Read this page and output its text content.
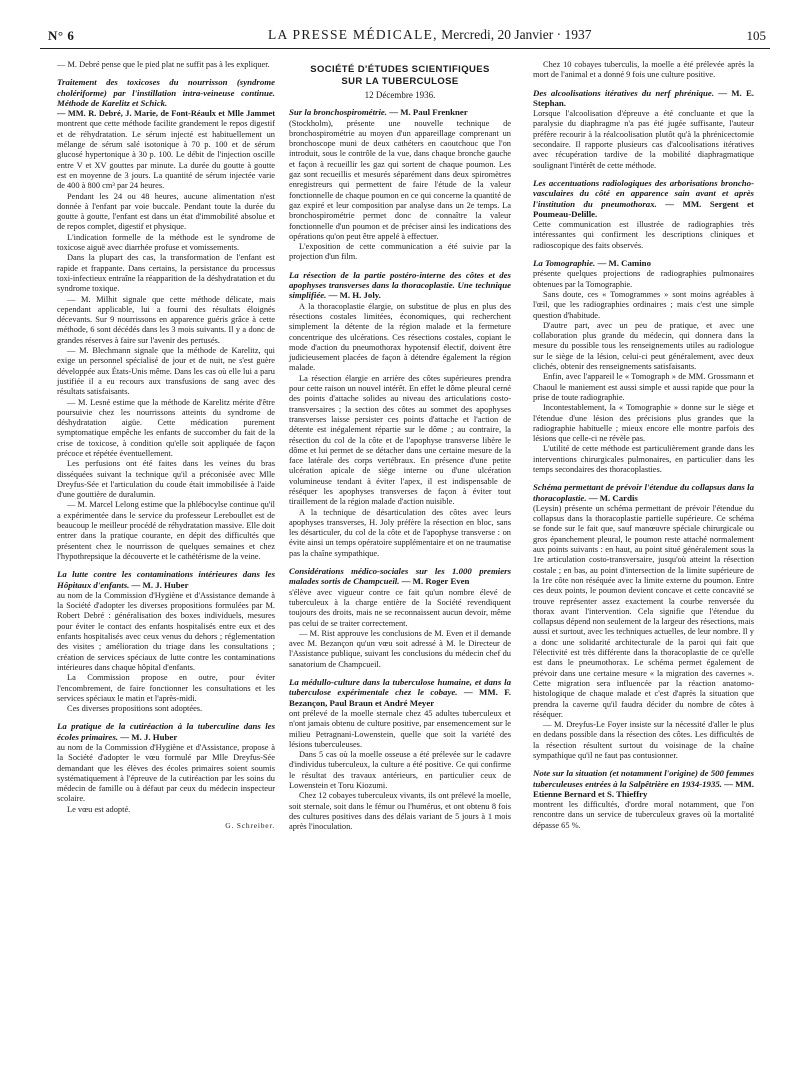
N° 6	LA PRESSE MÉDICALE, Mercredi, 20 Janvier · 1937	105

— M. Debré pense que le pied plat ne suffit pas à les expliquer.

Traitement des toxicoses du nourrisson (syndrome cholériforme) par l'instillation intra-veineuse continue. Méthode de Karelitz et Schick.

— MM. R. Debré, J. Marie, de Font-Réaulx et Mlle Jammet montrent que cette méthode facilite grandement le repos digestif et de réhydratation. Le sérum injecté est habituellement un mélange de sérum salé isotonique à 70 p. 100 et de sérum glucosé hypertonique à 30 p. 100. Le débit de l'injection oscille entre V et XV gouttes par minute. La durée du goutte à goutte est en moyenne de 3 jours. La quantité de sérum injectée varie de 400 à 800 cm³ par 24 heures.

Pendant les 24 ou 48 heures, aucune alimentation n'est donnée à l'enfant par voie buccale. Pendant toute la durée du goutte à goutte, l'enfant est dans un état d'immobilité absolue et de repos complet, digestif et physique.

L'indication formelle de la méthode est le syndrome de toxicose aiguë avec diarrhée profuse et vomissements.

Dans la plupart des cas, la transformation de l'enfant est rapide et frappante. Dans certains, la persistance du processus toxi-infectieux entraîne la réapparition de la déshydratation et du syndrome toxique.

— M. Milhit signale que cette méthode délicate, mais cependant applicable, lui a fourni des résultats éloignés décevants. Sur 9 nourrissons en apparence guéris grâce à cette méthode, 6 sont décédés dans les 3 mois suivants. Il y a donc de grandes réserves à faire sur l'avenir des pertusés.

— M. Blechmann signale que la méthode de Karelitz, qui exige un personnel spécialisé de jour et de nuit, ne s'est guère développée aux États-Unis même. Dans les cas où elle lui a paru justifiée il a eu recours aux transfusions de sang avec des résultats satisfaisants.

— M. Lesné estime que la méthode de Karelitz mérite d'être poursuivie chez les nourrissons atteints du syndrome de déshydratation aigüe. Cette médication purement symptomatique empêche les enfants de succomber du fait de la crise de toxicose, à condition qu'elle soit appliquée de façon précoce et répétée éventuellement.

Les perfusions ont été faites dans les veines du bras disséquées suivant la technique qu'il a préconisée avec Mlle Dreyfus-Sée et l'articulation du coude était immobilisée à l'aide d'une gouttière de duralumin.

— M. Marcel Lelong estime que la phlébocylse continue qu'il a expérimentée dans le service du professeur Lereboullet est de beaucoup le meilleur procédé de réhydratation massive. Elle doit entrer dans la pratique courante, en dépit des difficultés que présentent chez le nourrisson de quelques semaines et chez l'hypothrepsique la découverte et le cathétérisme de la veine.

La lutte contre les contaminations intérieures dans les Hôpitaux d'enfants. — M. J. Huber

au nom de la Commission d'Hygiène et d'Assistance demande à la Société d'adopter les diverses propositions formulées par M. Robert Debré : généralisation des boxes individuels, mesures pour éviter le contact des enfants hospitalisés entre eux et des enfants hospitalisés avec ceux venus du dehors ; réglementation des visites ; amélioration du triage dans les consultations ; création de services spéciaux de lutte contre les contaminations intérieures dans chaque hôpital d'enfants.

La Commission propose en outre, pour éviter l'encombrement, de faire fonctionner les consultations et les services spéciaux le matin et l'après-midi.

Ces diverses propositions sont adoptées.

La pratique de la cutiréaction à la tuberculine dans les écoles primaires. — M. J. Huber

au nom de la Commission d'Hygiène et d'Assistance, propose à la Société d'adopter le vœu formulé par Mlle Dreyfus-Sée demandant que les élèves des écoles primaires soient soumis systématiquement à l'épreuve de la cutiréaction par les soins du médecin de famille ou à défaut par ceux du médecin inspecteur scolaire.

Le vœu est adopté.

G. Schreiber.
SOCIÉTÉ D'ÉTUDES SCIENTIFIQUES
SUR LA TUBERCULOSE
12 Décembre 1936.
Sur la bronchospirométrie. — M. Paul Frenkner

(Stockholm), présente une nouvelle technique de bronchospirométrie au moyen d'un appareillage comprenant un bronchoscope muni de deux cathéters en caoutchouc que l'on introduit, sous le contrôle de la vue, dans chaque bronche gauche et façon à recueillir les gaz qui sortent de chaque poumon. Les gaz sont recueillis et mesurés séparément dans deux spiromètres enregistreurs qui permettent de faire l'étude de la valeur fonctionnelle de chaque poumon en ce qui concerne la quantité de gaz expiré et leur composition par analyse dans un 2e temps. La bronchospirométrie permet donc de connaître la valeur fonctionnelle d'un poumon et de préciser ainsi les indications des opérations qu'on peut être appelé à effectuer.

L'exposition de cette communication a été suivie par la projection d'un film.

La résection de la partie postéro-interne des côtes et des apophyses transverses dans la thoracoplastie. Une technique simplifiée. — M. H. Joly.

A la thoracoplastie élargie, on substitue de plus en plus des résections costales limitées, économiques, qui recherchent simplement la détente de la région malade et la fermeture concentrique des ulcérations. Ces résections costales, copiant le mode d'action du pneumothorax hypotensif électif, doivent être judicieusement placées de façon à détendre également la région malade.

La résection élargie en arrière des côtes supérieures prendra pour cette raison un nouvel intérêt. En effet le dôme pleural cerné des points d'attache solides au niveau des articulations costo-transversaires ; la section des côtes au sommet des apophyses transverses laisse persister ces points d'attache et l'action de détente est inégalement répartie sur le dôme ; au contraire, la résection du col de la côte et de l'apophyse transverse libère le dôme et lui permet de se détacher dans une certaine mesure de la face latérale des corps vertébraux. En présence d'une petite ulcération apicale de siège interne ou d'une ulcération volumineuse tendant à éviter l'apex, il est indispensable de réséquer les apophyses transverses de façon à éviter tout tiraillement de la région malade d'action nuisible.

A la technique de désarticulation des côtes avec leurs apophyses transverses, H. Joly préfère la résection en bloc, sans les désarticuler, du col de la côte et de l'apophyse transverse : on évite ainsi un temps opératoire supplémentaire et on ne traumatise pas la chaîne sympathique.

Considérations médico-sociales sur les 1.000 premiers malades sortis de Champcueil. — M. Roger Even

s'élève avec vigueur contre ce fait qu'un nombre élevé de tuberculeux à la charge entière de la Société revendiquent toujours des droits, mais ne se reconnaissent aucun devoir, même pas celui de se traiter correctement.

— M. Rist approuve les conclusions de M. Even et il demande avec M. Bezançon qu'un vœu soit adressé à M. le Directeur de l'Assistance publique, suivant les conclusions du médecin chef du sanatorium de Champcueil.

La médullo-culture dans la tuberculose humaine, et dans la tuberculose expérimentale chez le cobaye. — MM. F. Bezançon, Paul Braun et André Meyer

ont prélevé de la moelle sternale chez 45 adultes tuberculeux et n'ont jamais obtenu de culture positive, par ensemencement sur le milieu Petragnani-Lowenstein, quelle que soit la variété des lésions tuberculeuses.

Dans 5 cas où la moelle osseuse a été prélevée sur le cadavre d'individus tuberculeux, la culture a été positive. Ce qui confirme le résultat des travaux antérieurs, en particulier ceux de Lowenstein et Toru Kiozumi.

Chez 12 cobayes tuberculeux vivants, ils ont prélevé la moelle, soit sternale, soit dans le fémur ou l'humérus, et ont obtenu 8 fois des cultures positives dans des délais variant de 5 jours à 1 mois après l'inoculation.

Chez 10 cobayes tuberculis, la moelle a été prélevée après la mort de l'animal et a donné 9 fois une culture positive.

Des alcoolisations itératives du nerf phrénique. — M. E. Stephan.

Lorsque l'alcoolisation d'épreuve a été concluante et que la paralysie du diaphragme n'a pas été jugée suffisante, l'auteur préfère recourir à la réalcoolisation plutôt qu'à la phrénicectomie secondaire. Il rapporte plusieurs cas d'alcoolisations itératives avec récupération tardive de la mobilité diaphragmatique soulignant l'intérêt de cette méthode.

Les accentuations radiologiques des arborisations broncho-vasculaires du côté en apparence sain avant et après l'institution du pneumothorax. — MM. Sergent et Poumeau-Delille.

Cette communication est illustrée de radiographies très intéressantes qui confirment les descriptions cliniques et radioscopique des faits observés.

La Tomographie. — M. Camino

présente quelques projections de radiographies pulmonaires obtenues par la Tomographie.

Sans doute, ces « Tomogrammes » sont moins agréables à l'œil, que les radiographies ordinaires ; mais c'est une simple question d'habitude.

D'autre part, avec un peu de pratique, et avec une collaboration plus grande du médecin, qui donnera dans la mesure du possible tous les renseignements utiles au radiologue sur le siège de la lésion, celui-ci peut généralement, avec deux clichés, obtenir des renseignements satisfaisants.

Enfin, avec l'appareil le « Tomograph » de MM. Grossmann et Chaoul le maniement est aussi simple et aussi rapide que pour la prise de toute radiographie.

Incontestablement, la « Tomographie » donne sur le siège et l'étendue d'une lésion des précisions plus grandes que la radiographie habituelle ; mieux encore elle montre parfois des lésions que celle-ci ne révèle pas.

L'utilité de cette méthode est particulièrement grande dans les interventions chirurgicales pulmonaires, en particulier dans les temps secondaires des thoracoplasties.

Schéma permettant de prévoir l'étendue du collapsus dans la thoracoplastie. — M. Cardis

(Leysin) présente un schéma permettant de prévoir l'étendue du collapsus dans la thoracoplastie partielle supérieure. Ce schéma se fonde sur le fait que, sauf manœuvre spéciale chirurgicale ou gros épanchement pleural, le poumon reste attaché normalement aux points suivants : en haut, au point situé généralement sous la 1re articulation costo-transversaire, jusqu'où atteint la résection costale ; en bas, au point d'intersection de la limite supérieure de la 1re côte non réséquée avec la limite externe du poumon. Entre ces deux points, le poumon devient concave et cette concavité se trouve représenter assez exactement la courbe renversée du thorax avant l'intervention. Cela signifie que l'étendue du collapsus dépend non seulement de la largeur des résections, mais aussi et surtout, avec les techniques actuelles, de leur nombre. Il y a donc une solidarité architecturale de la paroi qui fait que l'électivité est très différente dans la thoracoplastie de ce qu'elle est dans le pneumothorax. Le schéma permet également de prévoir dans une certaine mesure « la migration des cavernes ». Cette migration sera influencée par la réaction anatomo-histologique de chaque malade et c'est d'après la situation que prendra la caverne qu'il faudra décider du nombre de côtes à réséquer.

— M. Dreyfus-Le Foyer insiste sur la nécessité d'aller le plus en dedans possible dans la résection des côtes. Les difficultés de la résection résultent surtout du voisinage de la chaîne sympathique qu'il ne faut pas contusionner.

Note sur la situation (et notamment l'origine) de 500 femmes tuberculeuses entrées à la Salpêtrière en 1934-1935. — MM. Etienne Bernard et S. Thieffry

montrent les difficultés, d'ordre moral notamment, que l'on rencontre dans un service de tuberculeux graves où la mortalité dépasse 65 %.
